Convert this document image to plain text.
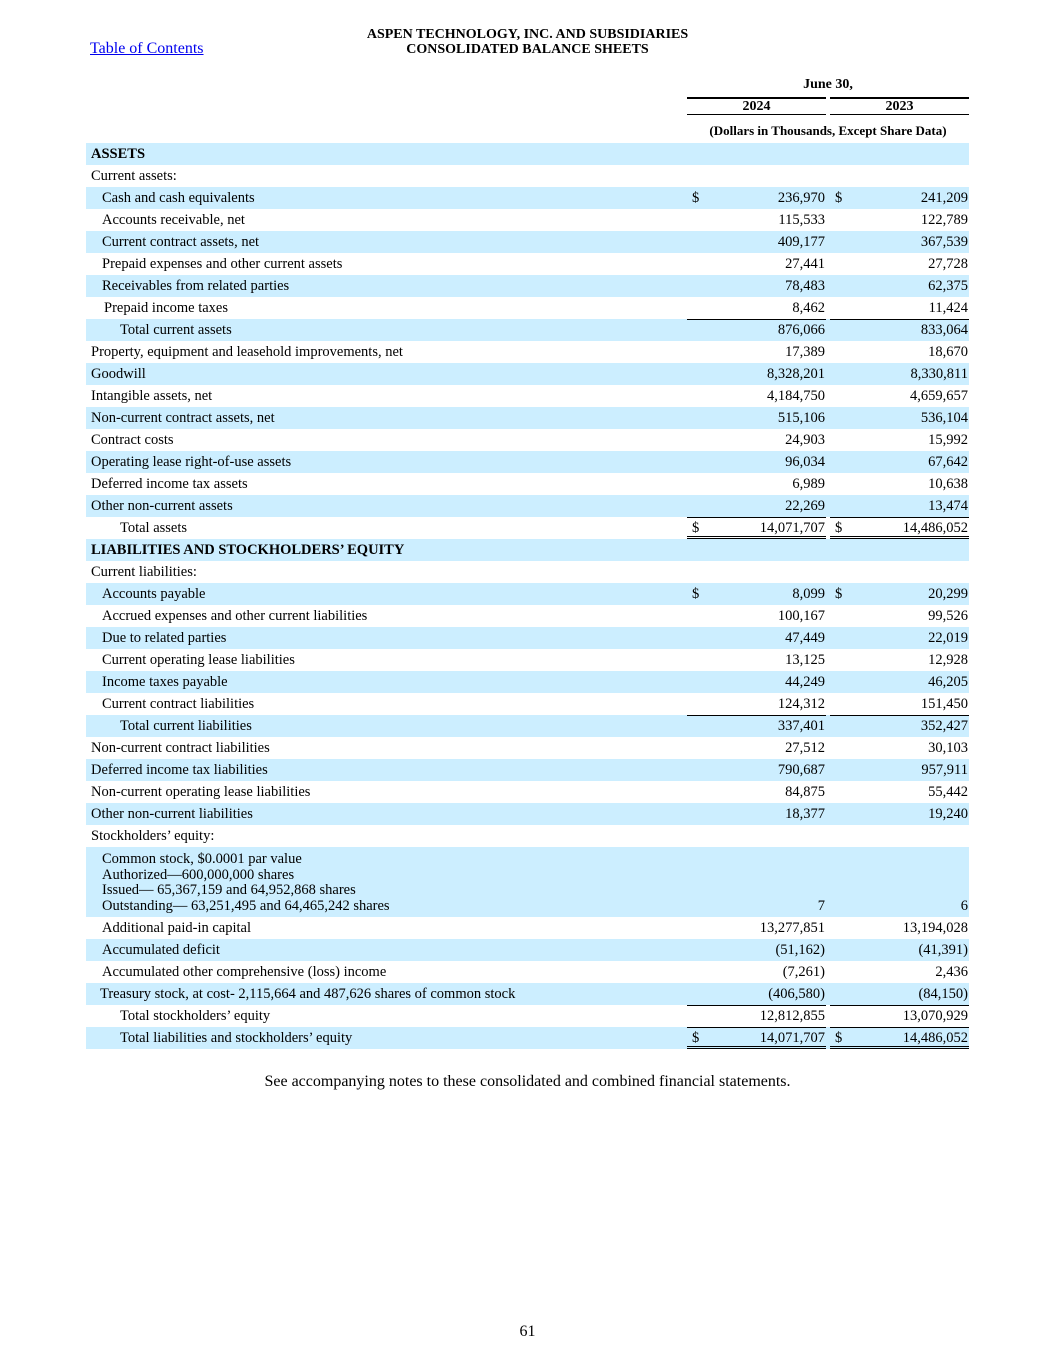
Table of Contents
ASPEN TECHNOLOGY, INC. AND SUBSIDIARIES
CONSOLIDATED BALANCE SHEETS
June 30,
2024	2023
(Dollars in Thousands, Except Share Data)
ASSETS
Current assets:
Cash and cash equivalents	$	236,970 $	241,209
Accounts receivable, net	115,533	122,789
Current contract assets, net	409,177	367,539
Prepaid expenses and other current assets	27,441	27,728
Receivables from related parties	78,483	62,375
Prepaid income taxes	8,462	11,424
Total current assets	876,066	833,064
Property, equipment and leasehold improvements, net	17,389	18,670
Goodwill	8,328,201	8,330,811
Intangible assets, net	4,184,750	4,659,657
Non-current contract assets, net	515,106	536,104
Contract costs	24,903	15,992
Operating lease right-of-use assets	96,034	67,642
Deferred income tax assets	6,989	10,638
Other non-current assets	22,269	13,474
Total assets	$	14,071,707 $	14,486,052
LIABILITIES AND STOCKHOLDERS’ EQUITY
Current liabilities:
Accounts payable	$	8,099 $	20,299
Accrued expenses and other current liabilities	100,167	99,526
Due to related parties	47,449	22,019
Current operating lease liabilities	13,125	12,928
Income taxes payable	44,249	46,205
Current contract liabilities	124,312	151,450
Total current liabilities	337,401	352,427
Non-current contract liabilities	27,512	30,103
Deferred income tax liabilities	790,687	957,911
Non-current operating lease liabilities	84,875	55,442
Other non-current liabilities	18,377	19,240
Stockholders’ equity:
Common stock, $0.0001 par value
Authorized—600,000,000 shares
Issued— 65,367,159 and 64,952,868 shares
Outstanding— 63,251,495 and 64,465,242 shares	7	6
Additional paid-in capital	13,277,851	13,194,028
Accumulated deficit	(51,162)	(41,391)
Accumulated other comprehensive (loss) income	(7,261)	2,436
Treasury stock, at cost- 2,115,664 and 487,626 shares of common stock	(406,580)	(84,150)
Total stockholders’ equity	12,812,855	13,070,929
Total liabilities and stockholders’ equity	$	14,071,707 $	14,486,052
See accompanying notes to these consolidated and combined financial statements.
61
